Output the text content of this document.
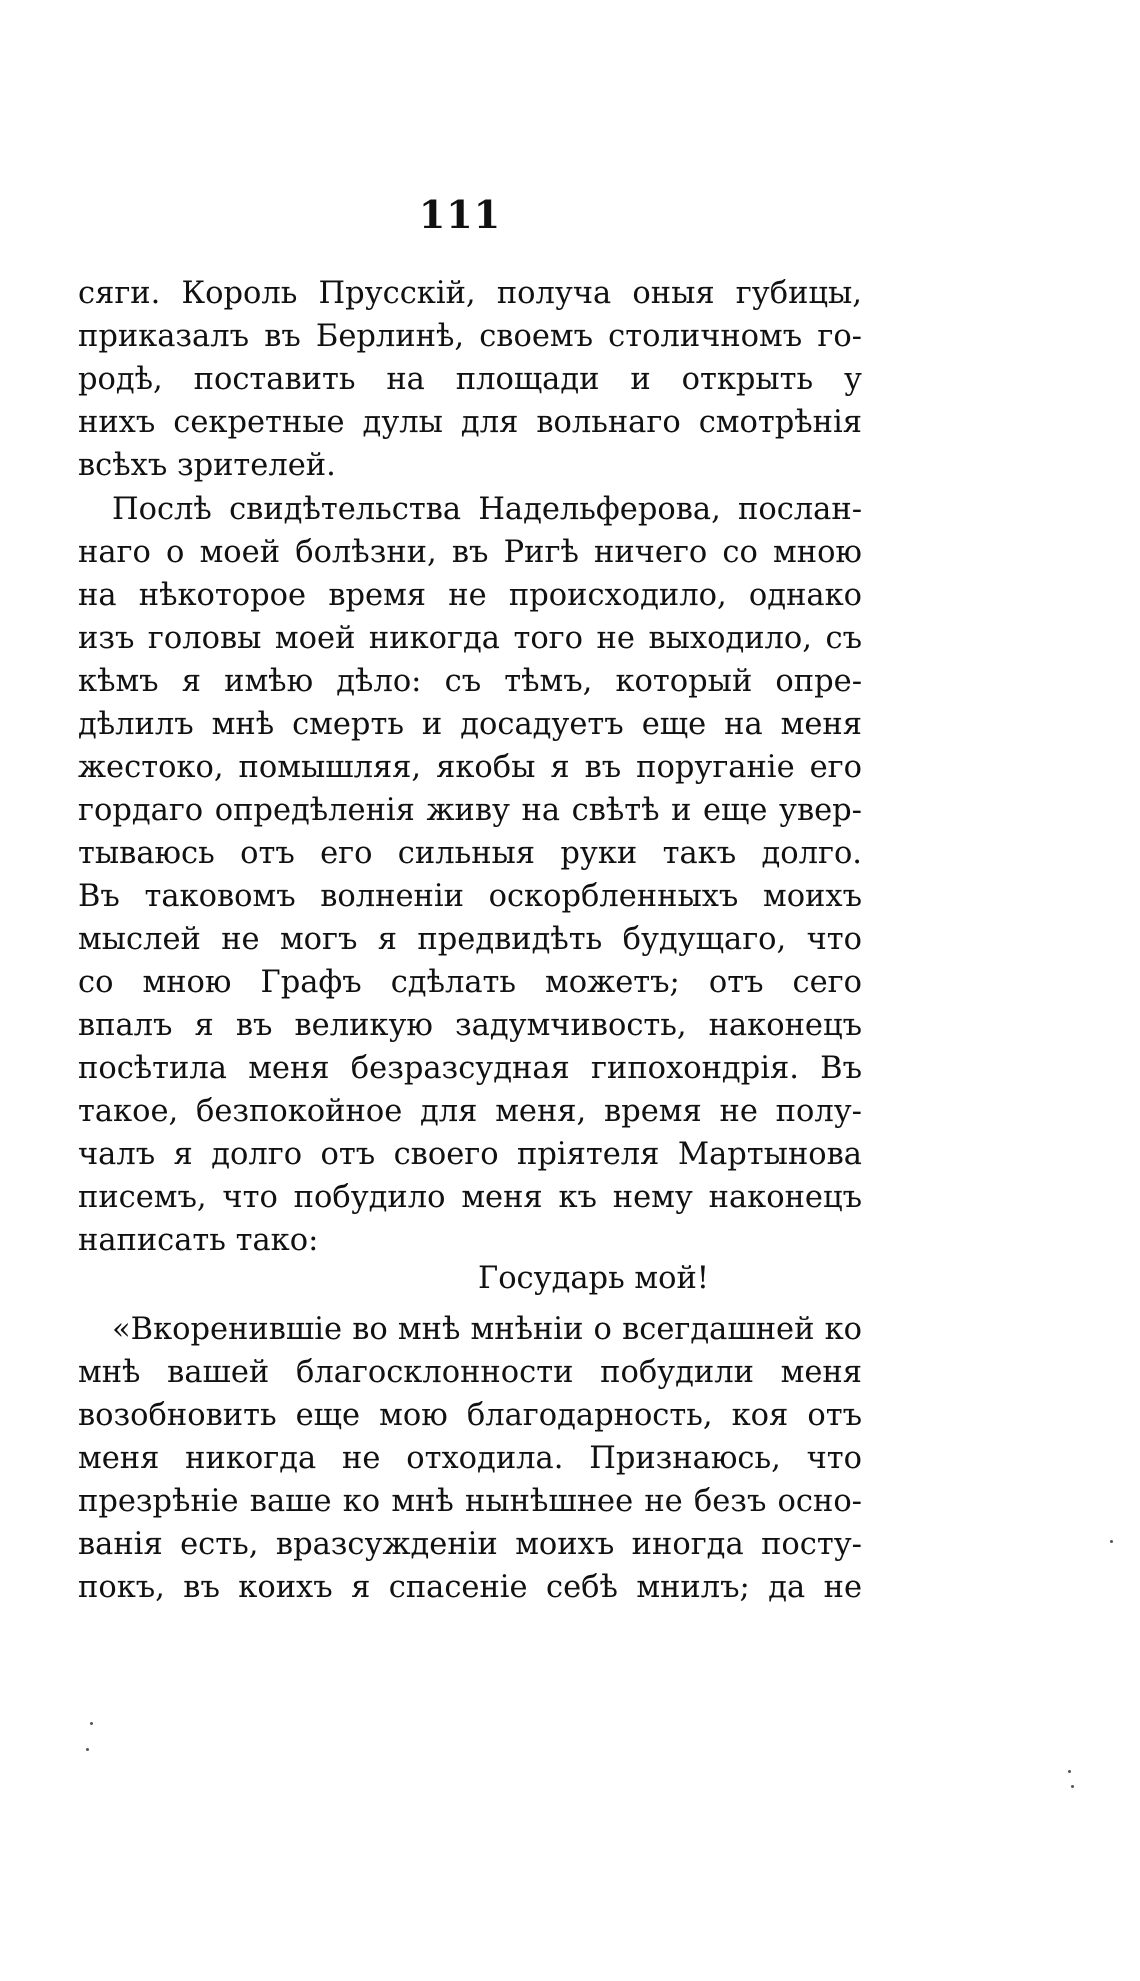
111
сяги. Король Прусскій, получа оныя губицы,
приказалъ въ Берлинѣ, своемъ столичномъ го-
родѣ, поставить на площади и открыть у
нихъ секретные дулы для вольнаго смотрѣнія
всѣхъ зрителей.
Послѣ свидѣтельства Надельферова, послан-
наго о моей болѣзни, въ Ригѣ ничего со мною
на нѣкоторое время не происходило, однако
изъ головы моей никогда того не выходило, съ
кѣмъ я имѣю дѣло: съ тѣмъ, который опре-
дѣлилъ мнѣ смерть и досадуетъ еще на меня
жестоко, помышляя, якобы я въ поруганіе его
гордаго опредѣленія живу на свѣтѣ и еще увер-
тываюсь отъ его сильныя руки такъ долго.
Въ таковомъ волненіи оскорбленныхъ моихъ
мыслей не могъ я предвидѣть будущаго, что
со мною Графъ сдѣлать можетъ; отъ сего
впалъ я въ великую задумчивость, наконецъ
посѣтила меня безразсудная гипохондрія. Въ
такое, безпокойное для меня, время не полу-
чалъ я долго отъ своего пріятеля Мартынова
писемъ, что побудило меня къ нему наконецъ
написать тако:
Государь мой!
«Вкоренившіе во мнѣ мнѣніи о всегдашней ко
мнѣ вашей благосклонности побудили меня
возобновить еще мою благодарность, коя отъ
меня никогда не отходила. Признаюсь, что
презрѣніе ваше ко мнѣ нынѣшнее не безъ осно-
ванія есть, вразсужденіи моихъ иногда посту-
покъ, въ коихъ я спасеніе себѣ мнилъ; да не
